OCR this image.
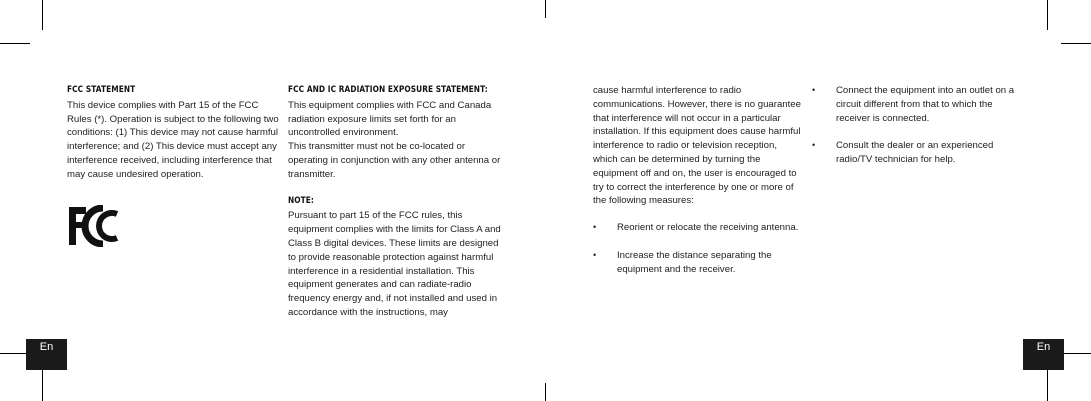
FCC STATEMENT

This device complies with Part 15 of the FCC Rules (*). Operation is subject to the following two conditions: (1) This device may not cause harmful interference; and (2) This device must accept any interference received, including interference that may cause undesired operation.

FC
FCC AND IC RADIATION EXPOSURE STATEMENT:

This equipment complies with FCC and Canada radiation exposure limits set forth for an uncontrolled environment.

This transmitter must not be co-located or operating in conjunction with any other antenna or transmitter.

NOTE:

Pursuant to part 15 of the FCC rules, this equipment complies with the limits for Class A and Class B digital devices. These limits are designed to provide reasonable protection against harmful interference in a residential installation. This equipment generates and can radiate-radio frequency energy and, if not installed and used in accordance with the instructions, may

cause harmful interference to radio communications. However, there is no guarantee that interference will not occur in a particular installation. If this equipment does cause harmful interference to radio or television reception, which can be determined by turning the equipment off and on, the user is encouraged to try to correct the interference by one or more of the following measures:

• Reorient or relocate the receiving antenna.
• Increase the distance separating the equipment and the receiver.
• Connect the equipment into an outlet on a circuit different from that to which the receiver is connected.
• Consult the dealer or an experienced radio/TV technician for help.
En	En
